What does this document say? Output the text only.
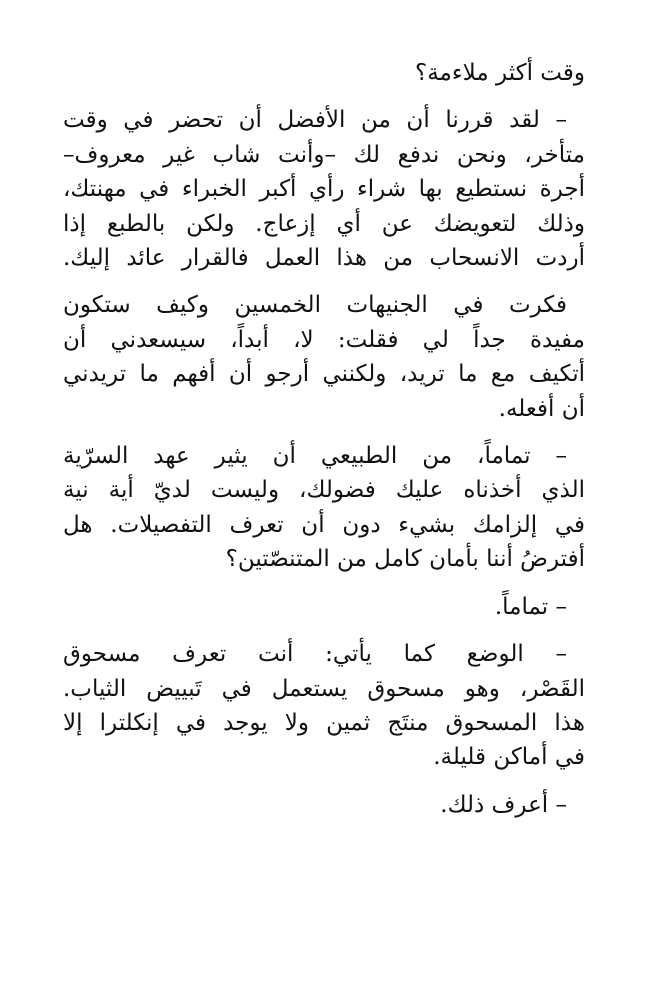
وقت أكثر ملاءمة؟

– لقد قررنا أن من الأفضل أن تحضر في وقت

متأخر، ونحن ندفع لك –وأنت شاب غير معروف–
أجرة نستطيع بها شراء رأي أكبر الخبراء في مهنتك،
وذلك لتعويضك عن أي إزعاج. ولكن بالطبع إذا
أردت الانسحاب من هذا العمل فالقرار عائد إليك.

فكرت في الجنيهات الخمسين وكيف ستكون

مفيدة جداً لي فقلت: لا، أبداً، سيسعدني أن
أتكيف مع ما تريد، ولكنني أرجو أن أفهم ما تريدني
أن أفعله.

– تماماً، من الطبيعي أن يثير عهد السرّية

الذي أخذناه عليك فضولك، وليست لديّ أية نية
في إلزامك بشيء دون أن تعرف التفصيلات. هل
أفترضُ أننا بأمان كامل من المتنصّتين؟

– تماماً.

– الوضع كما يأتي: أنت تعرف مسحوق

القَصْر، وهو مسحوق يستعمل في تَبييض الثياب.
هذا المسحوق منتَج ثمين ولا يوجد في إنكلترا إلا
في أماكن قليلة.

– أعرف ذلك.
